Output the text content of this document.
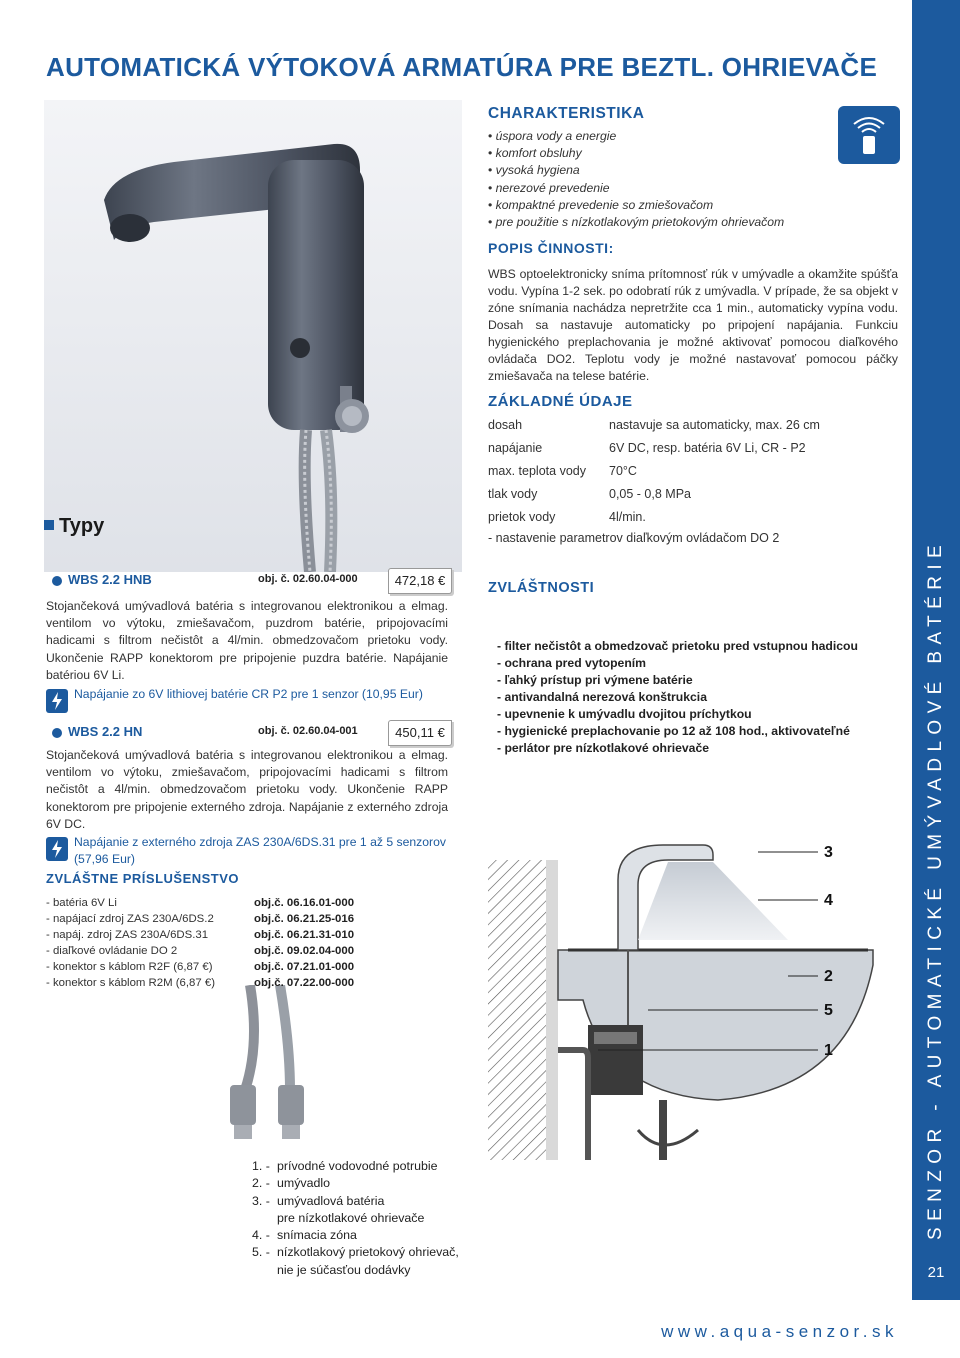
SENZOR - AUTOMATICKÉ UMÝVADLOVÉ BATÉRIE
21
AUTOMATICKÁ VÝTOKOVÁ ARMATÚRA PRE BEZTL. OHRIEVAČE
Typy
CHARAKTERISTIKA
• úspora vody a energie
• komfort obsluhy
• vysoká hygiena
• nerezové prevedenie
• kompaktné prevedenie so zmiešovačom
• pre použitie s nízkotlakovým prietokovým ohrievačom
POPIS ČINNOSTI:

WBS optoelektronicky sníma prítomnosť rúk v umývadle a okamžite spúšťa vodu. Vypína 1-2 sek. po odobratí rúk z umývadla. V prípade, že sa objekt v zóne snímania nachádza nepretržite cca 1 min., automaticky vypína vodu. Dosah sa nastavuje automaticky po pripojení napájania. Funkciu hygienického preplachovania je možné aktivovať pomocou diaľkového ovládača DO2. Teplotu vody je možné nastavovať pomocou páčky zmiešavača na telese batérie.

ZÁKLADNÉ ÚDAJE
dosah	nastavuje sa automaticky, max. 26 cm
napájanie	6V DC, resp. batéria 6V Li, CR - P2
max. teplota vody	70°C
tlak vody	0,05 - 0,8 MPa
prietok vody	4l/min.
- nastavenie parametrov diaľkovým ovládačom DO 2
ZVLÁŠTNOSTI
- filter nečistôt a obmedzovač prietoku pred vstupnou hadicou
- ochrana pred vytopením
- ľahký prístup pri výmene batérie
- antivandalná nerezová konštrukcia
- upevnenie k umývadlu dvojitou príchytkou
- hygienické preplachovanie po 12 až 108 hod., aktivovateľné
- perlátor pre nízkotlakové ohrievače
3
4
2
5
1
1. - prívodné vodovodné potrubie
2. - umývadlo
3. - umývadlová batéria
pre nízkotlakové ohrievače
4. - snímacia zóna
5. - nízkotlakový prietokový ohrievač,
nie je súčasťou dodávky
WBS 2.2 HNB	obj. č. 02.60.04-000	472,18 €

Stojančeková umývadlová batéria s integrovanou elektronikou a elmag. ventilom vo výtoku, zmiešavačom, puzdrom batérie, pripojovacími hadicami s filtrom nečistôt a 4l/min. obmedzovačom prietoku vody. Ukončenie RAPP konektorom pre pripojenie puzdra batérie. Napájanie batériou 6V Li.

Napájanie zo 6V lithiovej batérie CR P2 pre 1 senzor (10,95 Eur)
WBS 2.2 HN	obj. č. 02.60.04-001	450,11 €

Stojančeková umývadlová batéria s integrovanou elektronikou a elmag. ventilom vo výtoku, zmiešavačom, pripojovacími hadicami s filtrom nečistôt a 4l/min. obmedzovačom prietoku vody. Ukončenie RAPP konektorom pre pripojenie externého zdroja. Napájanie z externého zdroja 6V DC.

Napájanie z externého zdroja ZAS 230A/6DS.31 pre 1 až 5 senzorov (57,96 Eur)
ZVLÁŠTNE PRÍSLUŠENSTVO
- batéria 6V Li	obj.č. 06.16.01-000
- napájací zdroj ZAS 230A/6DS.2	obj.č. 06.21.25-016
- napáj. zdroj ZAS 230A/6DS.31	obj.č. 06.21.31-010
- diaľkové ovládanie DO 2	obj.č. 09.02.04-000
- konektor s káblom R2F (6,87 €)	obj.č. 07.21.01-000
- konektor s káblom R2M (6,87 €)	obj.č. 07.22.00-000
www.aqua-senzor.sk
